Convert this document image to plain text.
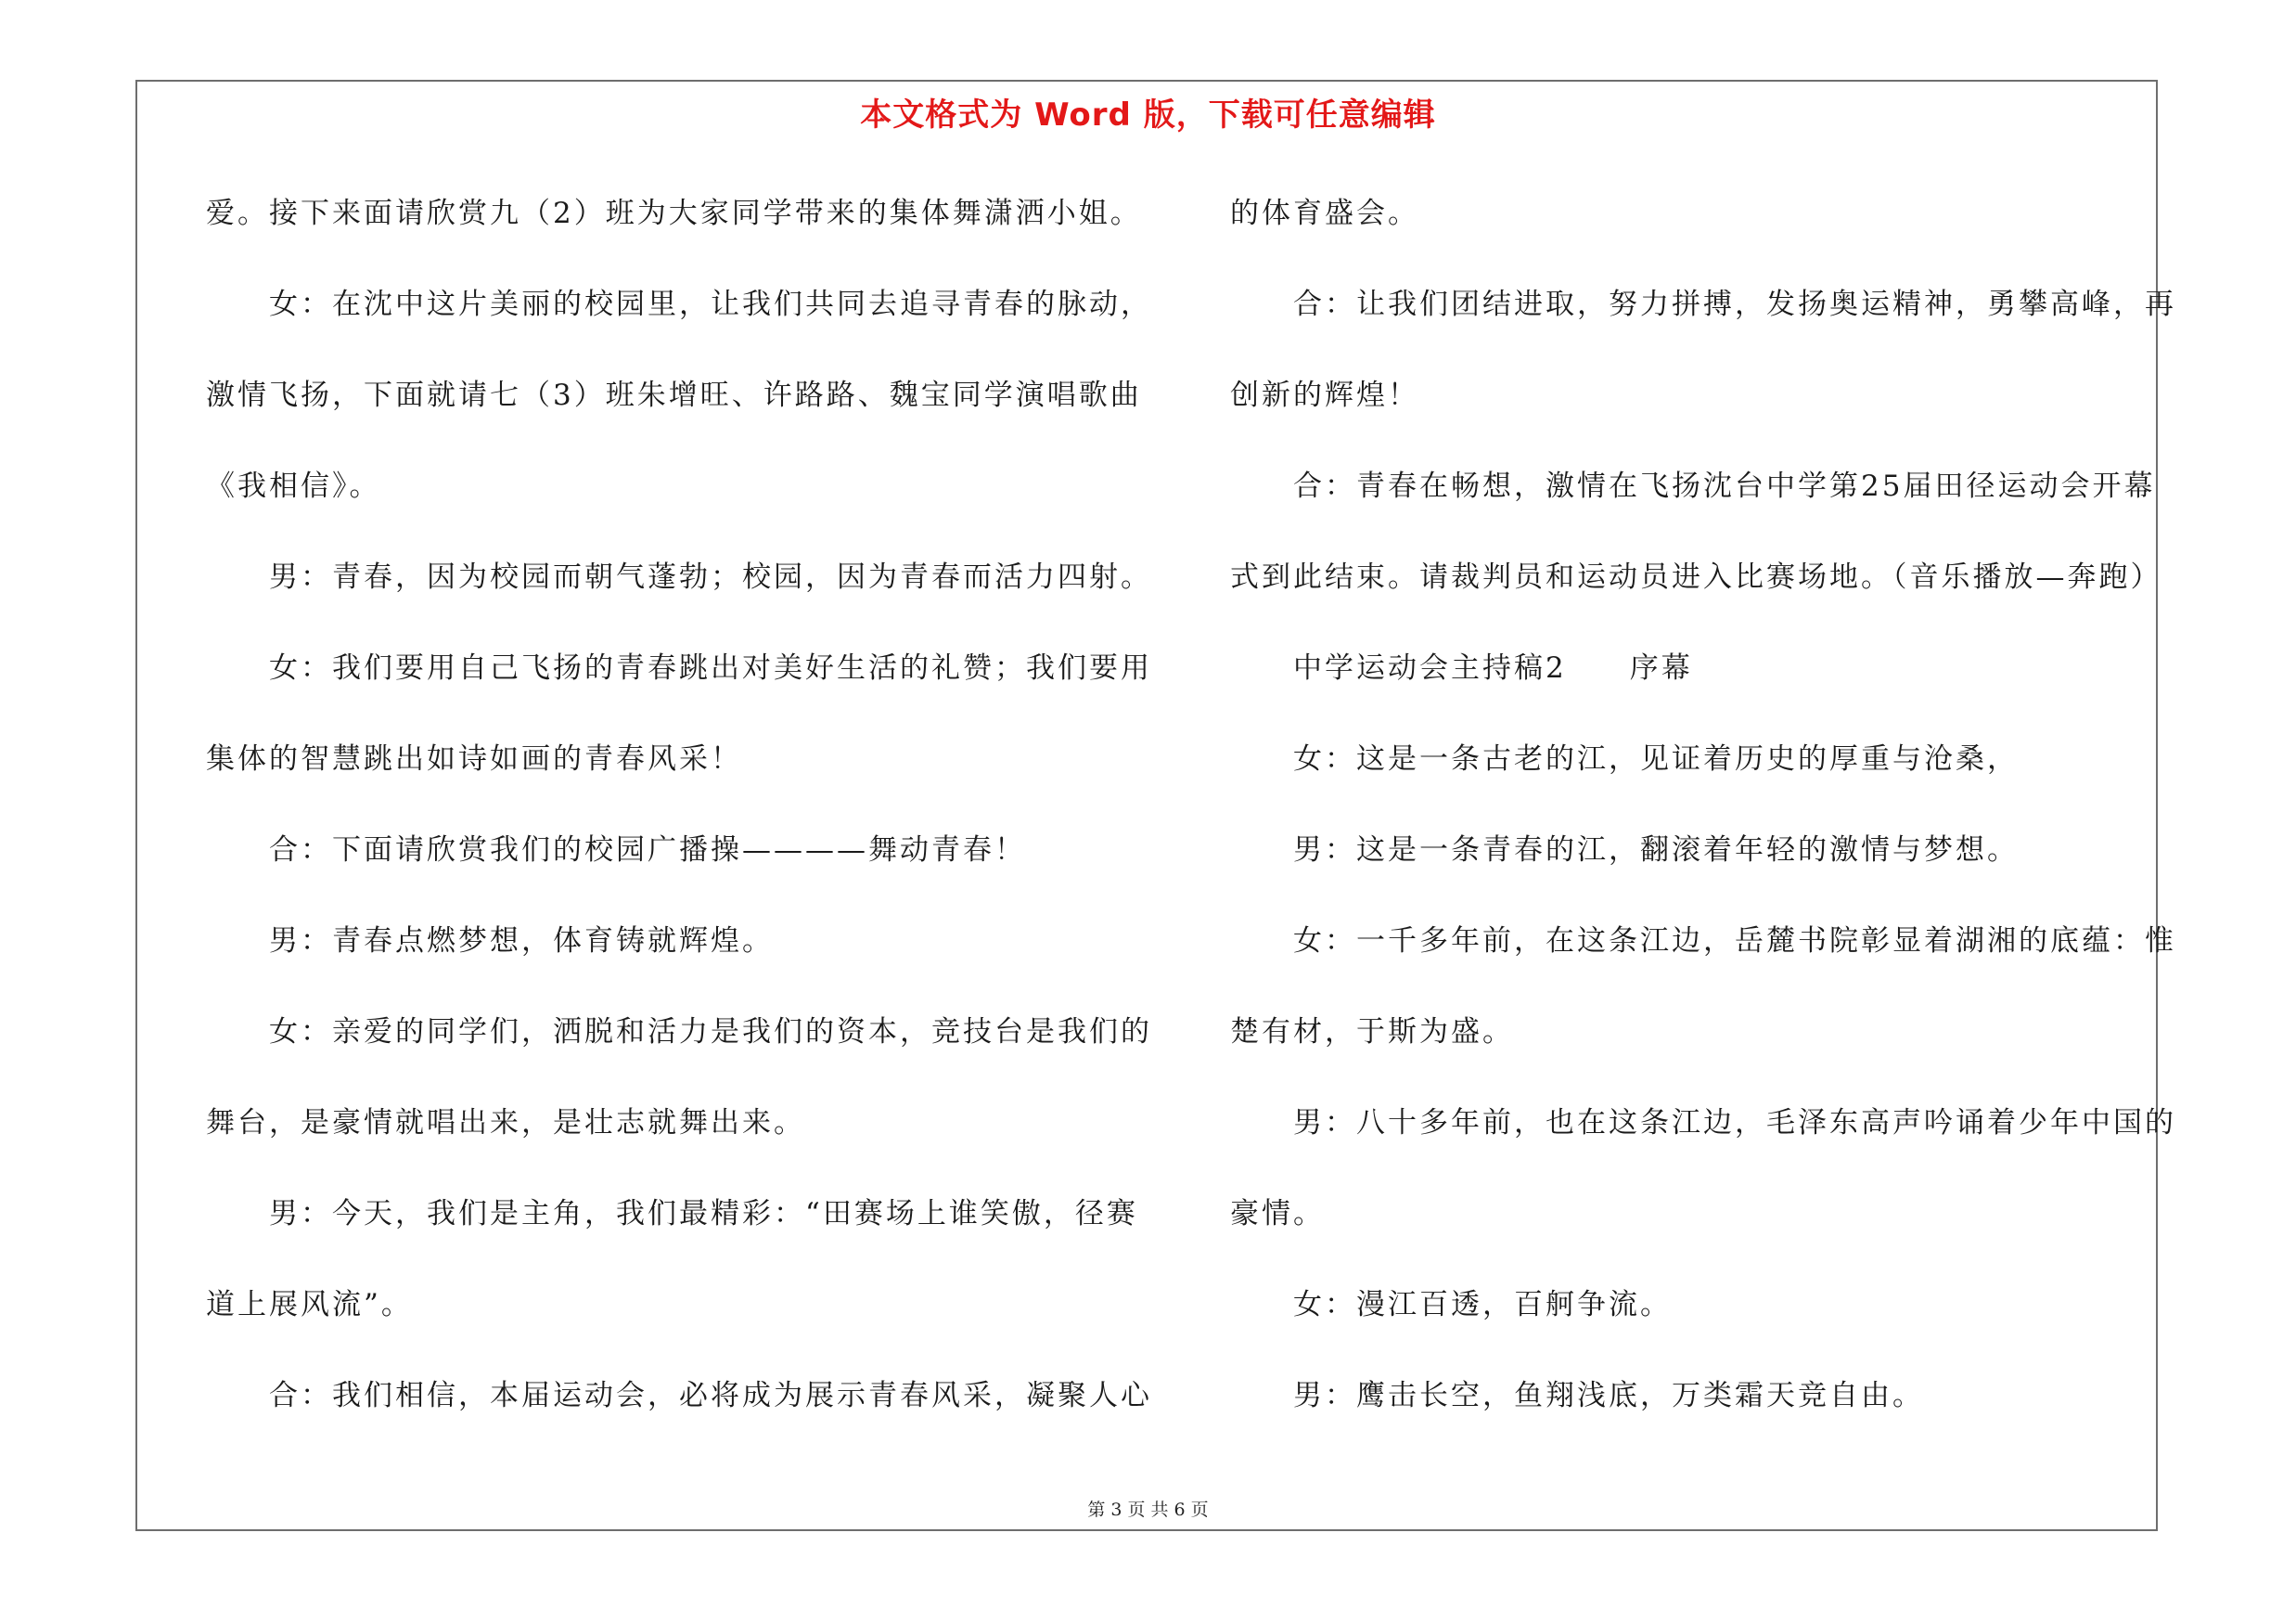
本文格式为 Word 版，下载可任意编辑
爱。接下来面请欣赏九（2）班为大家同学带来的集体舞潇洒小姐。
女：在沈中这片美丽的校园里，让我们共同去追寻青春的脉动，
激情飞扬，下面就请七（3）班朱增旺、许路路、魏宝同学演唱歌曲
《我相信》。
男：青春，因为校园而朝气蓬勃；校园，因为青春而活力四射。
女：我们要用自己飞扬的青春跳出对美好生活的礼赞；我们要用
集体的智慧跳出如诗如画的青春风采！
合：下面请欣赏我们的校园广播操————舞动青春！
男：青春点燃梦想，体育铸就辉煌。
女：亲爱的同学们，洒脱和活力是我们的资本，竞技台是我们的
舞台，是豪情就唱出来，是壮志就舞出来。
男：今天，我们是主角，我们最精彩：“田赛场上谁笑傲，径赛
道上展风流”。
合：我们相信，本届运动会，必将成为展示青春风采，凝聚人心
的体育盛会。
合：让我们团结进取，努力拼搏，发扬奥运精神，勇攀高峰，再
创新的辉煌！
合：青春在畅想，激情在飞扬沈台中学第25届田径运动会开幕
式到此结束。请裁判员和运动员进入比赛场地。（音乐播放—奔跑）
中学运动会主持稿2　　序幕
女：这是一条古老的江，见证着历史的厚重与沧桑，
男：这是一条青春的江，翻滚着年轻的激情与梦想。
女：一千多年前，在这条江边，岳麓书院彰显着湖湘的底蕴：惟
楚有材，于斯为盛。
男：八十多年前，也在这条江边，毛泽东高声吟诵着少年中国的
豪情。
女：漫江百透，百舸争流。
男：鹰击长空，鱼翔浅底，万类霜天竞自由。
第 3 页 共 6 页
